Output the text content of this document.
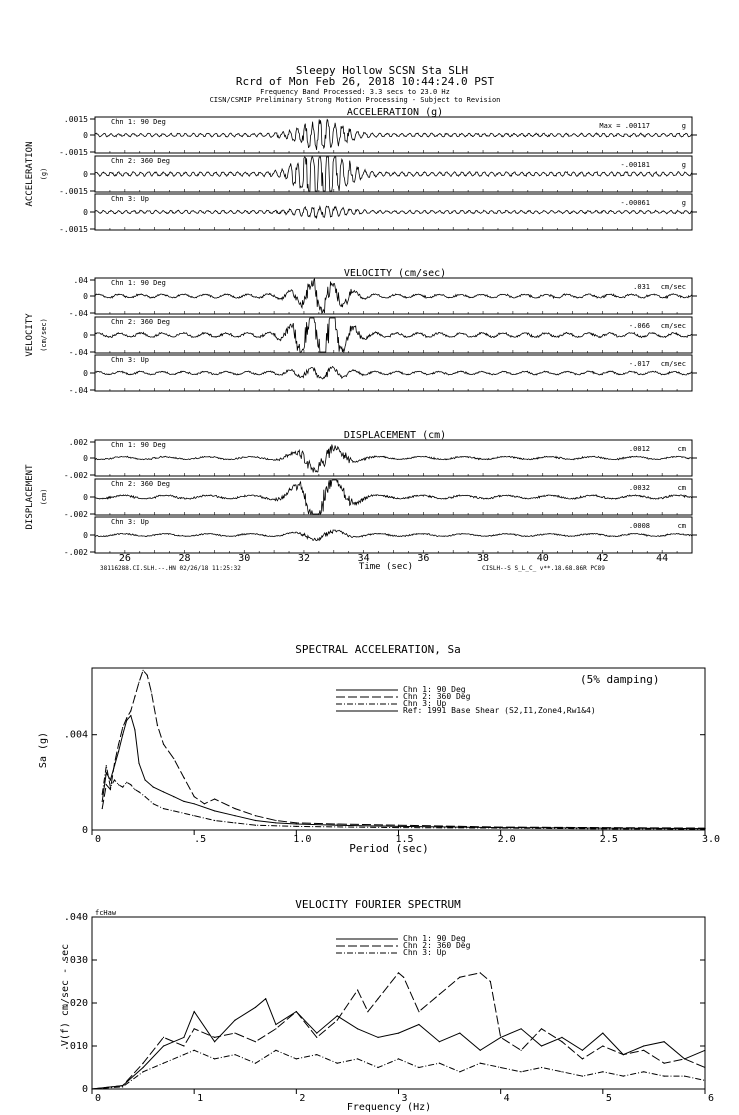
Sleepy Hollow SCSN Sta SLH
Rcrd of Mon Feb 26, 2018 10:44:24.0 PST
Frequency Band Processed: 3.3 secs to 23.0 Hz
CISN/CSMIP Preliminary Strong Motion Processing - Subject to Revision
ACCELERATION (g)
ACCELERATION (g)
.0015
0
-.0015
Chn 1: 90 Deg	Max = .00117	g
0
-.0015
Chn 2: 360 Deg	-.00181	g
0
-.0015
Chn 3: Up	-.00061	g
VELOCITY (cm/sec)
VELOCITY (cm/sec)
.04
0
-.04
Chn 1: 90 Deg	.031 cm/sec
0
-.04
Chn 2: 360 Deg	-.066 cm/sec
0
-.04
Chn 3: Up	-.017 cm/sec
DISPLACEMENT (cm)
DISPLACEMENT (cm)
.002
0
-.002
Chn 1: 90 Deg	.0012	cm
0
-.002
Chn 2: 360 Deg	.0032	cm
0
-.002
Chn 3: Up	.0008	cm
26	28	30	32	34	36	38	40	42	44
Time (sec)
38116288.CI.SLH.--.HN 02/26/18 11:25:32	CISLH--S S_L_C_ v**.18.68.86R PC89
SPECTRAL ACCELERATION, Sa
(5% damping)
0	.5	1.0	1.5	2.0	2.5	3.0
0
.004
Chn 1: 90 Deg
Chn 2: 360 Deg
Chn 3: Up
Ref: 1991 Base Shear (S2,I1,Zone4,Rw1&4)
Sa (g)
Period (sec)
VELOCITY FOURIER SPECTRUM
fcHaw
0	1	2	3	4	5	6
0
.010
.020
.030
.040
Chn 1: 90 Deg
Chn 2: 360 Deg
Chn 3: Up
V(f) cm/sec - sec
Frequency (Hz)
